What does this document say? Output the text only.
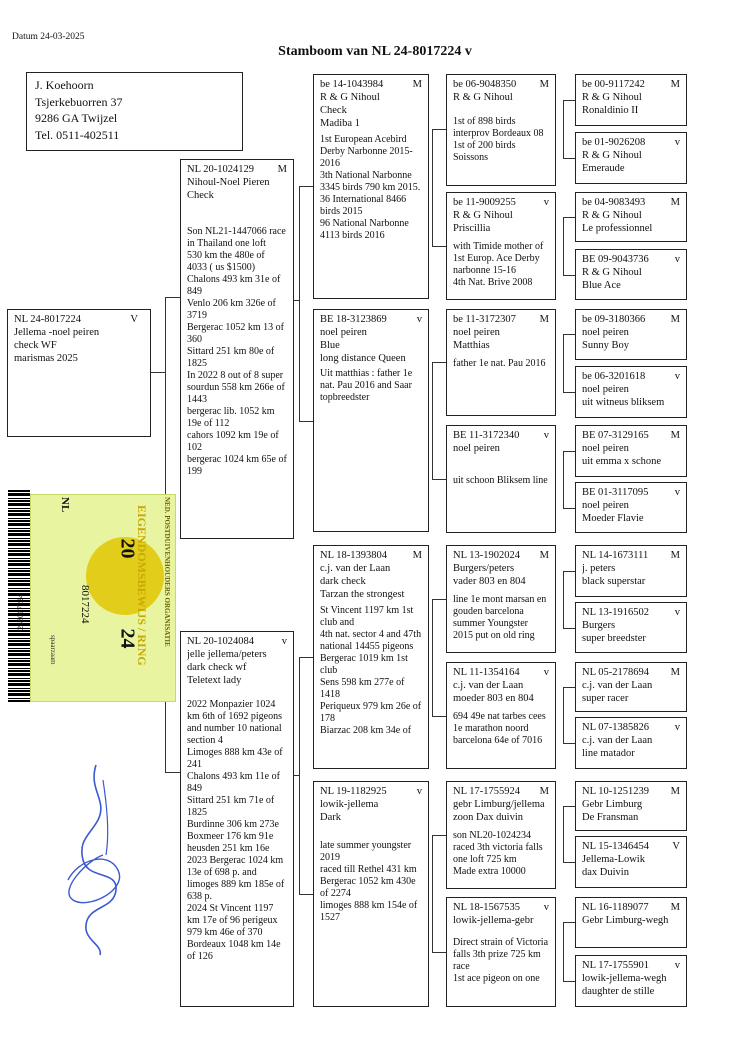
Datum 24-03-2025
Stamboom van NL 24-8017224 v
J. Koehoorn
Tsjerkebuorren 37
9286 GA Twijzel
Tel. 0511-402511
NL 24-8017224	V
Jellema -noel peiren
check WF
marismas 2025
NL 20-1024129 M
Nihoul-Noel Pieren
Check
Son NL21-1447066 race in Thailand one loft
530 km the 480e of 4033 ( us $1500)
Chalons 493 km 31e of 849
Venlo 206 km 326e of 3719
Bergerac 1052 km 13 of 360
Sittard 251 km 80e of 1825
In 2022 8 out of 8 super
sourdun 558 km 266e of 1443
bergerac lib. 1052 km 19e of 112
cahors 1092 km 19e of 102
bergerac 1024 km 65e of 199
NL 20-1024084	v
jelle jellema/peters
dark check wf
Teletext lady
2022 Monpazier 1024 km 6th of 1692 pigeons and number 10 national section 4
Limoges 888 km 43e of 241
Chalons 493 km 11e of 849
Sittard 251 km 71e of 1825
Burdinne 306 km 273e
Boxmeer 176 km 91e
heusden 251 km 16e
2023 Bergerac 1024 km 13e of 698 p. and limoges 889 km 185e of 638 p.
2024 St Vincent 1197 km 17e of 96 perigeux 979 km 46e of 370
Bordeaux 1048 km 14e of 126
be 14-1043984	M
R & G Nihoul
Check
Madiba 1
1st European Acebird Derby Narbonne 2015-2016
3th National Narbonne 3345 birds 790 km 2015.
36 International 8466 birds 2015
96 National Narbonne 4113 birds 2016
BE 18-3123869	v
noel peiren
Blue
long distance Queen
Uit matthias : father 1e nat. Pau 2016 and Saar topbreedster
NL 18-1393804 M
c.j. van der Laan
dark check
Tarzan the strongest
St Vincent 1197 km 1st club and
4th nat. sector 4 and 47th national 14455 pigeons
Bergerac 1019 km 1st club
Sens 598 km 277e of 1418
Periqueux 979 km 26e of 178
Biarzac 208 km 34e of
NL 19-1182925	v
lowik-jellema
Dark
late summer youngster 2019
raced till Rethel 431 km
Bergerac 1052 km 430e of 2274
limoges 888 km 154e of 1527
be 06-9048350 M
R & G Nihoul
1st of 898 birds interprov Bordeaux 08
1st of 200 birds Soissons
be 11-9009255	v
R & G Nihoul
Priscillia
with Timide mother of 1st Europ. Ace Derby narbonne 15-16
4th Nat. Brive 2008
be 11-3172307 M
noel peiren
Matthias
father 1e nat. Pau 2016
BE 11-3172340 v
noel peiren
uit schoon Bliksem line
NL 13-1902024 M
Burgers/peters
vader 803 en 804
line 1e mont marsan en gouden barcelona summer Youngster 2015 put on old ring
NL 11-1354164 v
c.j. van der Laan
moeder 803 en 804
694 49e nat tarbes cees 1e marathon noord
barcelona 64e of 7016
NL 17-1755924 M
gebr Limburg/jellema
zoon Dax duivin
son NL20-1024234 raced 3th victoria falls one loft 725 km
Made extra 10000
NL 18-1567535 v
lowik-jellema-gebr
Direct strain of Victoria falls 3th prize 725 km race
1st ace pigeon on one
be 00-9117242 M
R & G Nihoul
Ronaldinio II
be 01-9026208	v
R & G Nihoul
Emeraude
be 04-9083493 M
R & G Nihoul
Le professionnel
BE 09-9043736 v
R & G Nihoul
Blue Ace
be 09-3180366 M
noel peiren
Sunny Boy
be 06-3201618	v
noel peiren
uit witneus bliksem
BE 07-3129165 M
noel peiren
uit emma x schone
BE 01-3117095	v
noel peiren
Moeder Flavie
NL 14-1673111 M
j. peters
black superstar
NL 13-1916502 v
Burgers
super breedster
NL 05-2178694 M
c.j. van der Laan
super racer
NL 07-1385826 v
c.j. van der Laan
line matador
NL 10-1251239 M
Gebr Limburg
De Fransman
NL 15-1346454 V
Jellema-Lowik
dax Duivin
NL 16-1189077 M
Gebr Limburg-wegh
NL 17-1755901 v
lowik-jellema-wegh
daughter de stille
248017224	NED. POSTDUIVENHOUDERS ORGANISATIE
EIGENDOMSBEWIJS / RING
20
24
NL
8017224
spaarzaam
